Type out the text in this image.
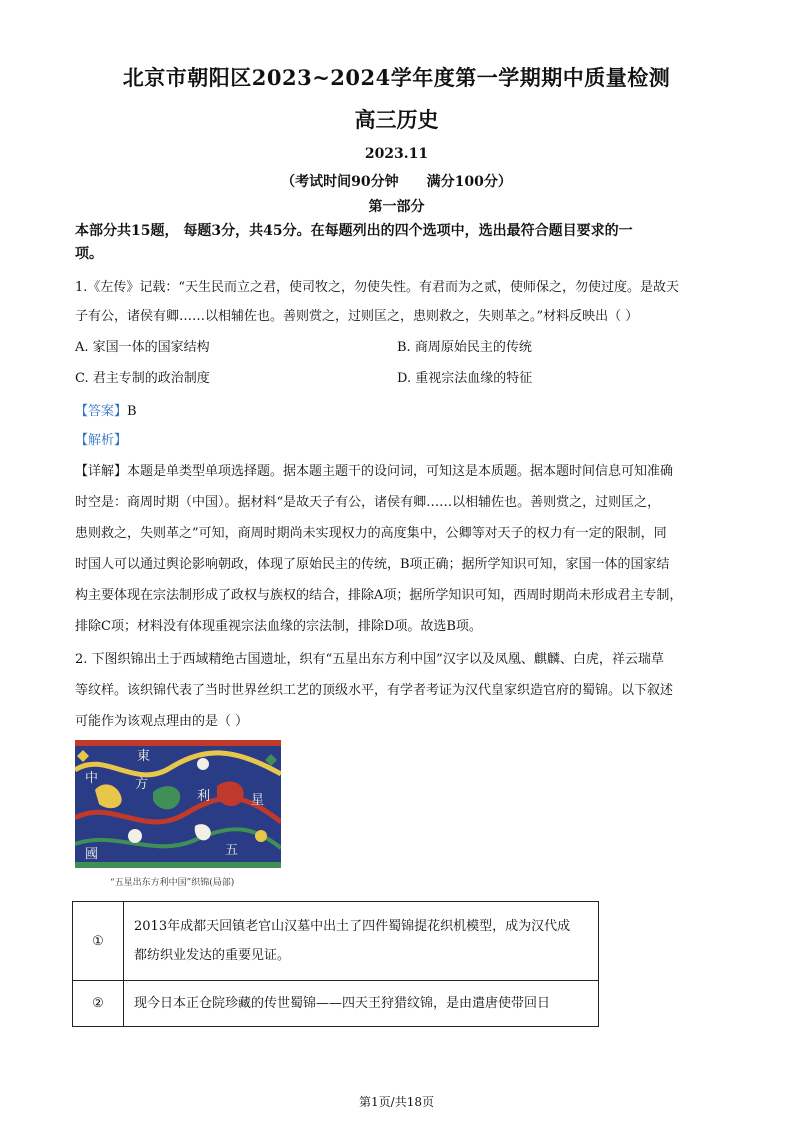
北京市朝阳区2023~2024学年度第一学期期中质量检测
高三历史
2023.11
（考试时间90分钟 满分100分）
第一部分
本部分共15题， 每题3分，共45分。在每题列出的四个选项中，选出最符合题目要求的一
项。
1.《左传》记载：“天生民而立之君，使司牧之，勿使失性。有君而为之贰，使师保之，勿使过度。是故天
子有公，诸侯有卿……以相辅佐也。善则赏之，过则匡之，患则救之，失则革之。”材料反映出（ ）
A. 家国一体的国家结构	B. 商周原始民主的传统
C. 君主专制的政治制度	D. 重视宗法血缘的特征
【答案】B
【解析】
【详解】本题是单类型单项选择题。据本题主题干的设问词，可知这是本质题。据本题时间信息可知准确
时空是：商周时期（中国）。据材料“是故天子有公，诸侯有卿……以相辅佐也。善则赏之，过则匡之，
患则救之，失则革之”可知，商周时期尚未实现权力的高度集中，公卿等对天子的权力有一定的限制，同
时国人可以通过舆论影响朝政，体现了原始民主的传统，B项正确；据所学知识可知，家国一体的国家结
构主要体现在宗法制形成了政权与族权的结合，排除A项；据所学知识可知，西周时期尚未形成君主专制，
排除C项；材料没有体现重视宗法血缘的宗法制，排除D项。故选B项。
2. 下图织锦出土于西域精绝古国遗址，织有“五星出东方利中国”汉字以及凤凰、麒麟、白虎，祥云瑞草
等纹样。该织锦代表了当时世界丝织工艺的顶级水平，有学者考证为汉代皇家织造官府的蜀锦。以下叙述
可能作为该观点理由的是（ ）
中
東
方
利
國
星
五
“五星出东方利中国”织锦(局部)
①	2013年成都天回镇老官山汉墓中出土了四件蜀锦提花织机模型，成为汉代成
都纺织业发达的重要见证。

②	现今日本正仓院珍藏的传世蜀锦——四天王狩猎纹锦，是由遣唐使带回日
第1页/共18页
